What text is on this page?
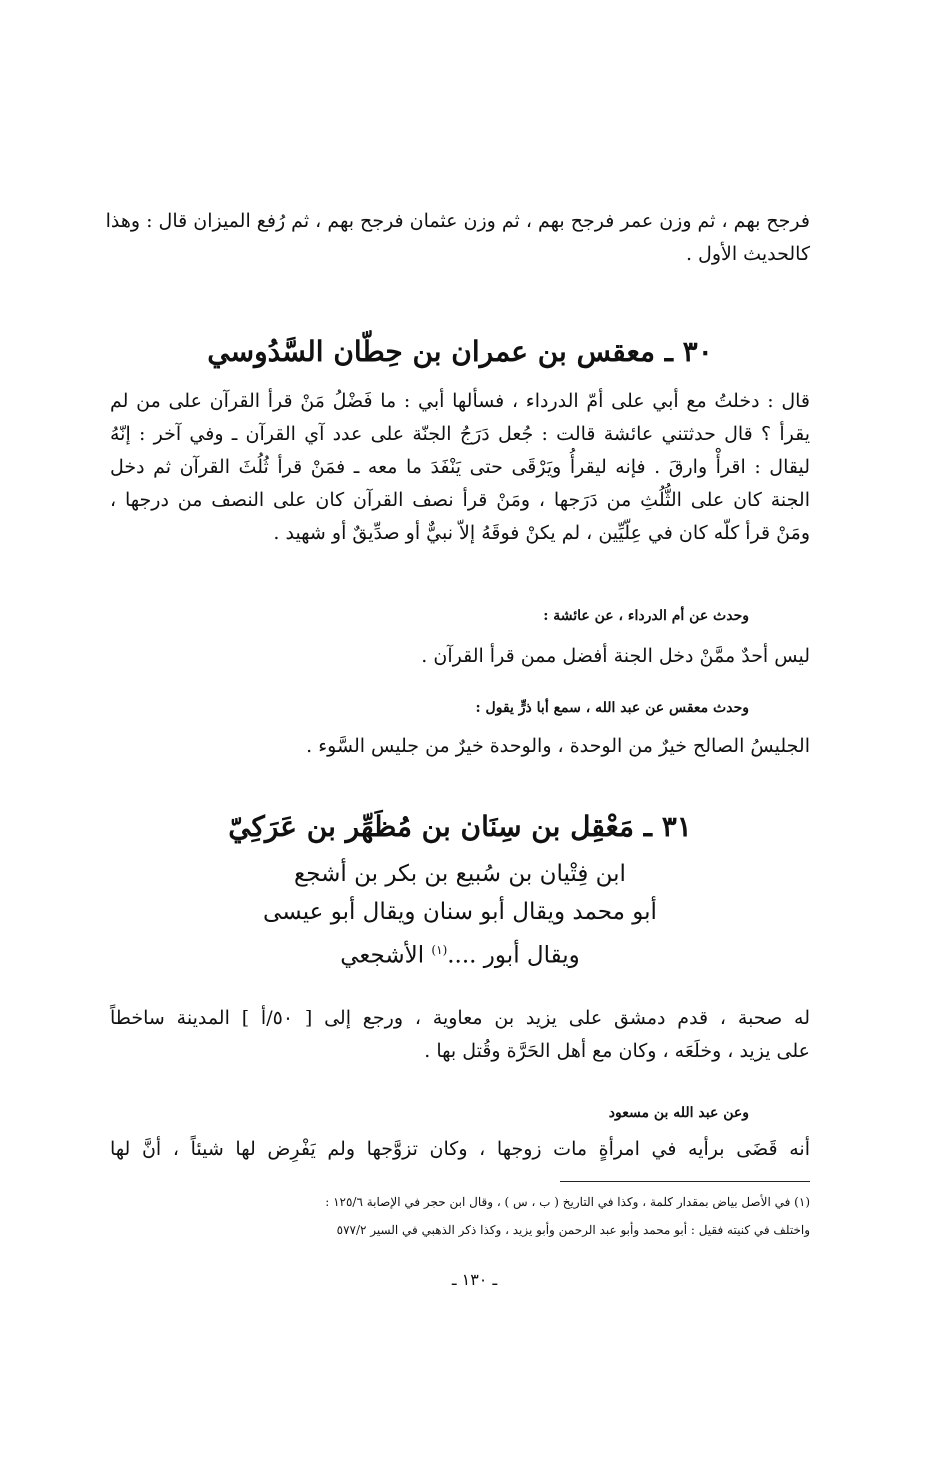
فرجح بهم ، ثم وزن عمر فرجح بهم ، ثم وزن عثمان فرجح بهم ، ثم رُفع الميزان قال : وهذا
كالحديث الأول .
٣٠ ـ معقس بن عمران بن حِطّان السَّدُوسي
قال : دخلتُ مع أبي على أمّ الدرداء ، فسألها أبي : ما فَضْلُ مَنْ قرأ القرآن على من لم
يقرأ ؟ قال حدثتني عائشة قالت : جُعل دَرَجُ الجنّة على عدد آي القرآن ـ وفي آخر : إنّهُ
ليقال : اقرأْ وارقَ . فإنه ليقرأُ ويَرْقَى حتى يَنْفَدَ ما معه ـ فمَنْ قرأ ثُلُثَ القرآن ثم دخل
الجنة كان على الثُّلُثِ من دَرَجها ، ومَنْ قرأ نصف القرآن كان على النصف من درجها ،
ومَنْ قرأ كلّه كان في عِلّيِّين ، لم يكنْ فوقَهُ إلاّ نبيٌّ أو صدِّيقٌ أو شهيد .
وحدث عن أم الدرداء ، عن عائشة :
ليس أحدٌ ممَّنْ دخل الجنة أفضل ممن قرأ القرآن .
وحدث معقس عن عبد الله ، سمع أبا ذرٍّ يقول :
الجليسُ الصالح خيرٌ من الوحدة ، والوحدة خيرٌ من جليس السَّوء .
٣١ ـ مَعْقِل بن سِنَان بن مُظَهِّر بن عَرَكِيّ
ابن فِتْيان بن سُبيع بن بكر بن أشجع
أبو محمد ويقال أبو سنان ويقال أبو عيسى
ويقال أبور ....$^{(١)}$ الأشجعي
له صحبة ، قدم دمشق على يزيد بن معاوية ، ورجع إلى [ ٥٠/أ ] المدينة ساخطاً
على يزيد ، وخلَعَه ، وكان مع أهل الحَرَّة وقُتل بها .
وعن عبد الله بن مسعود
أنه قَضَى برأيه في امرأةٍ مات زوجها ، وكان تزوَّجها ولم يَفْرِض لها شيئاً ، أنَّ لها
(١) في الأصل بياض بمقدار كلمة ، وكذا في التاريخ ( ب ، س ) ، وقال ابن حجر في الإصابة ١٢٥/٦ :
واختلف في كنيته فقيل : أبو محمد وأبو عبد الرحمن وأبو يزيد ، وكذا ذكر الذهبي في السير ٥٧٧/٢
ـ ١٣٠ ـ
